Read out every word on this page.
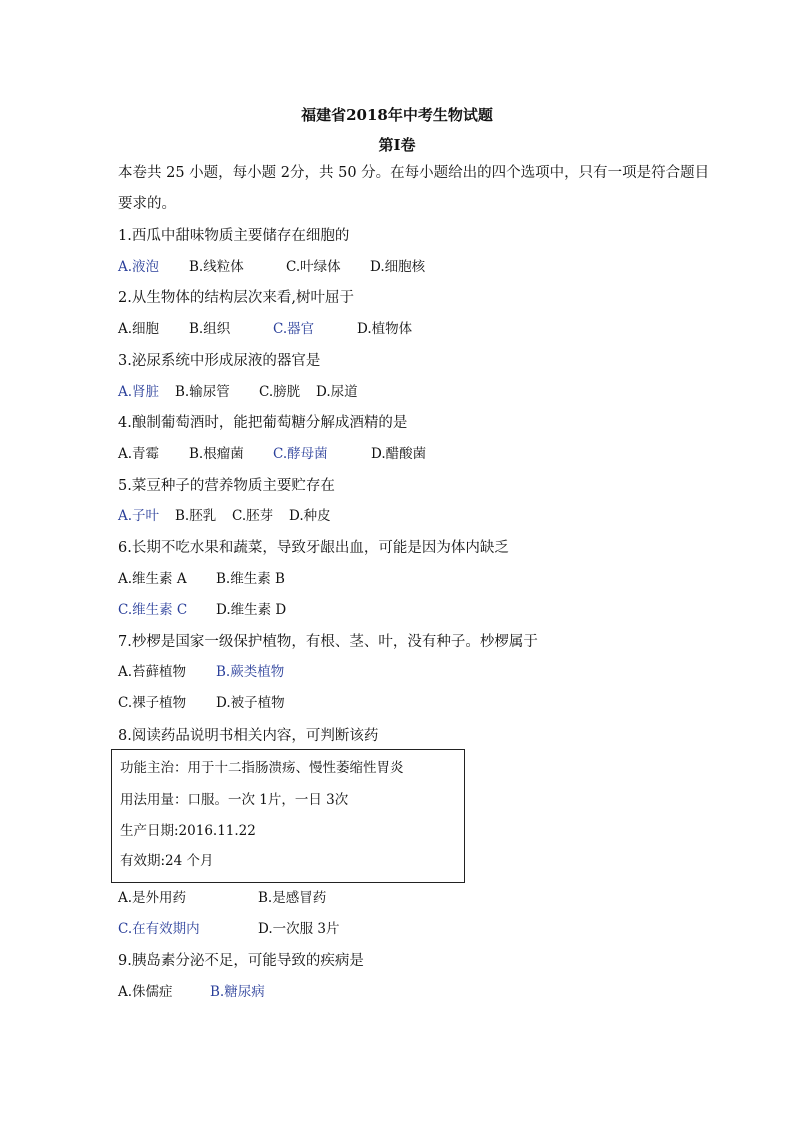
福建省2018年中考生物试题
第Ⅰ卷
本卷共 25 小题，每小题 2分，共 50 分。在每小题给出的四个选项中，只有一项是符合题目
要求的。
1.西瓜中甜味物质主要储存在细胞的
A.液泡 B.线粒体	C.叶绿体 D.细胞核
2.从生物体的结构层次来看,树叶屈于
A.细胞 B.组织	C.器官	D.植物体
3.泌尿系统中形成尿液的器官是
A.肾脏 B.输尿管 C.膀胱 D.尿道
4.酿制葡萄酒时，能把葡萄糖分解成酒精的是
A.青霉 B.根瘤菌 C.酵母菌	D.醋酸菌
5.菜豆种子的营养物质主要贮存在
A.子叶 B.胚乳 C.胚芽 D.种皮
6.长期不吃水果和蔬菜，导致牙龈出血，可能是因为体内缺乏
A.维生素 A B.维生素 B
C.维生素 C D.维生素 D
7.杪椤是国家一级保护植物，有根、茎、叶，没有种子。杪椤属于
A.苔藓植物 B.蕨类植物
C.裸子植物 D.被子植物
8.阅读药品说明书相关内容，可判断该药
功能主治：用于十二指肠溃疡、慢性萎缩性胃炎
用法用量：口服。一次 1片，一日 3次
生产日期:2016.11.22
有效期:24 个月
A.是外用药	B.是感冒药
C.在有效期内	D.一次服 3片
9.胰岛素分泌不足，可能导致的疾病是
A.侏儒症	B.糖尿病
